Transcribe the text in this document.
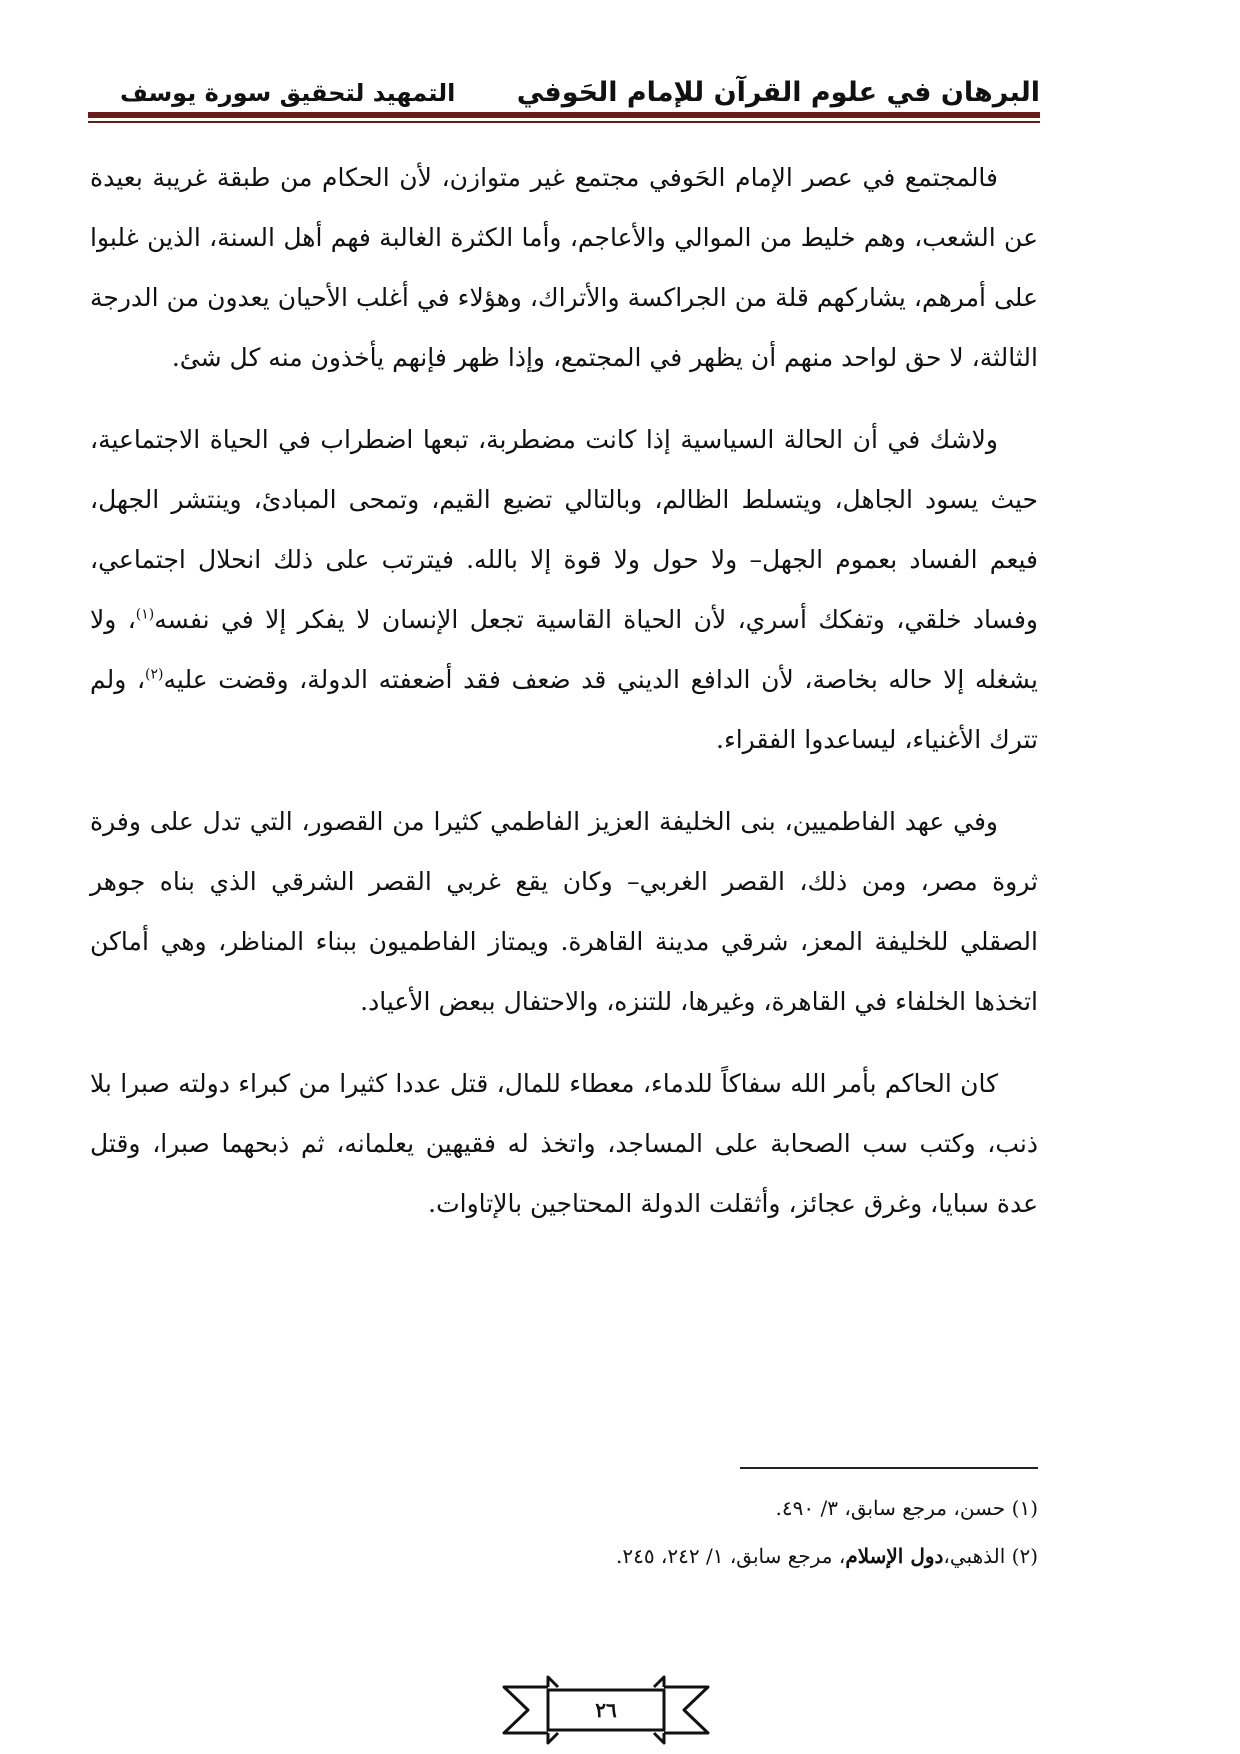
البرهان في علوم القرآن للإمام الحَوفي
التمهيد لتحقيق سورة يوسف

فالمجتمع في عصر الإمام الحَوفي مجتمع غير متوازن، لأن الحكام من طبقة غريبة بعيدة عن الشعب، وهم خليط من الموالي والأعاجم، وأما الكثرة الغالبة فهم أهل السنة، الذين غلبوا على أمرهم، يشاركهم قلة من الجراكسة والأتراك، وهؤلاء في أغلب الأحيان يعدون من الدرجة الثالثة، لا حق لواحد منهم أن يظهر في المجتمع، وإذا ظهر فإنهم يأخذون منه كل شئ.

ولاشك في أن الحالة السياسية إذا كانت مضطربة، تبعها اضطراب في الحياة الاجتماعية، حيث يسود الجاهل، ويتسلط الظالم، وبالتالي تضيع القيم، وتمحى المبادئ، وينتشر الجهل، فيعم الفساد بعموم الجهل– ولا حول ولا قوة إلا بالله. فيترتب على ذلك انحلال اجتماعي، وفساد خلقي، وتفكك أسري، لأن الحياة القاسية تجعل الإنسان لا يفكر إلا في نفسه$^{(١)}$، ولا يشغله إلا حاله بخاصة، لأن الدافع الديني قد ضعف فقد أضعفته الدولة، وقضت عليه$^{(٢)}$، ولم تترك الأغنياء، ليساعدوا الفقراء.

وفي عهد الفاطميين، بنى الخليفة العزيز الفاطمي كثيرا من القصور، التي تدل على وفرة ثروة مصر، ومن ذلك، القصر الغربي– وكان يقع غربي القصر الشرقي الذي بناه جوهر الصقلي للخليفة المعز، شرقي مدينة القاهرة. ويمتاز الفاطميون ببناء المناظر، وهي أماكن اتخذها الخلفاء في القاهرة، وغيرها، للتنزه، والاحتفال ببعض الأعياد.

كان الحاكم بأمر الله سفاكاً للدماء، معطاء للمال، قتل عددا كثيرا من كبراء دولته صبرا بلا ذنب، وكتب سب الصحابة على المساجد، واتخذ له فقيهين يعلمانه، ثم ذبحهما صبرا، وقتل عدة سبايا، وغرق عجائز، وأثقلت الدولة المحتاجين بالإتاوات.

(١) حسن، مرجع سابق، ٣/ ٤٩٠.
(٢) الذهبي،دول الإسلام، مرجع سابق، ١/ ٢٤٢، ٢٤٥.
٢٦
